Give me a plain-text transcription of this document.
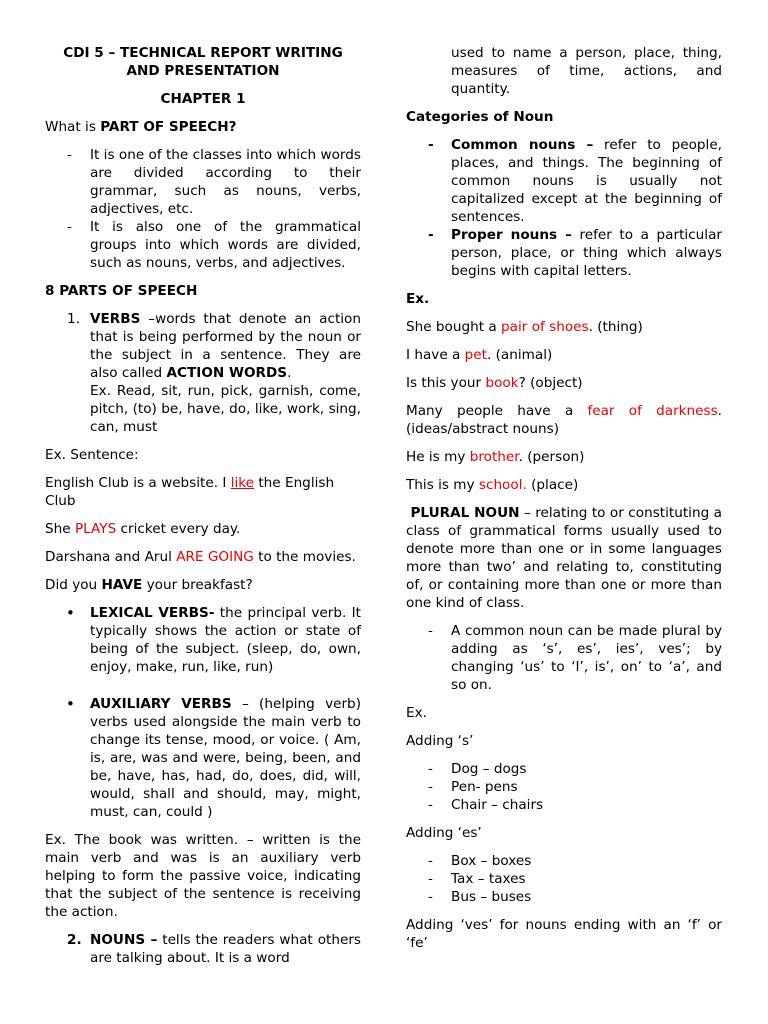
CDI 5 – TECHNICAL REPORT WRITING
AND PRESENTATION

CHAPTER 1

What is PART OF SPEECH?

- It is one of the classes into which words are divided according to their grammar, such as nouns, verbs, adjectives, etc.
- It is also one of the grammatical groups into which words are divided, such as nouns, verbs, and adjectives.

8 PARTS OF SPEECH

1. VERBS –words that denote an action that is being performed by the noun or the subject in a sentence. They are also called ACTION WORDS.
Ex. Read, sit, run, pick, garnish, come, pitch, (to) be, have, do, like, work, sing, can, must

Ex. Sentence:

English Club is a website. I like the English Club

She PLAYS cricket every day.

Darshana and Arul ARE GOING to the movies.

Did you HAVE your breakfast?

• LEXICAL VERBS- the principal verb. It typically shows the action or state of being of the subject. (sleep, do, own, enjoy, make, run, like, run)
• AUXILIARY VERBS – (helping verb) verbs used alongside the main verb to change its tense, mood, or voice. ( Am, is, are, was and were, being, been, and be, have, has, had, do, does, did, will, would, shall and should, may, might, must, can, could )

Ex. The book was written. – written is the main verb and was is an auxiliary verb helping to form the passive voice, indicating that the subject of the sentence is receiving the action.

2. NOUNS – tells the readers what others are talking about. It is a word

used to name a person, place, thing, measures of time, actions, and quantity.

Categories of Noun

- Common nouns – refer to people, places, and things. The beginning of common nouns is usually not capitalized except at the beginning of sentences.
- Proper nouns – refer to a particular person, place, or thing which always begins with capital letters.

Ex.

She bought a pair of shoes. (thing)

I have a pet. (animal)

Is this your book? (object)

Many people have a fear of darkness. (ideas/abstract nouns)

He is my brother. (person)

This is my school. (place)

PLURAL NOUN – relating to or constituting a class of grammatical forms usually used to denote more than one or in some languages more than two’ and relating to, constituting of, or containing more than one or more than one kind of class.

- A common noun can be made plural by adding as ‘s’, es’, ies’, ves’; by changing ‘us’ to ‘I’, is’, on’ to ‘a’, and so on.

Ex.

Adding ‘s’

- Dog – dogs
- Pen- pens
- Chair – chairs

Adding ‘es’

- Box – boxes
- Tax – taxes
- Bus – buses

Adding ‘ves’ for nouns ending with an ‘f’ or ‘fe’
